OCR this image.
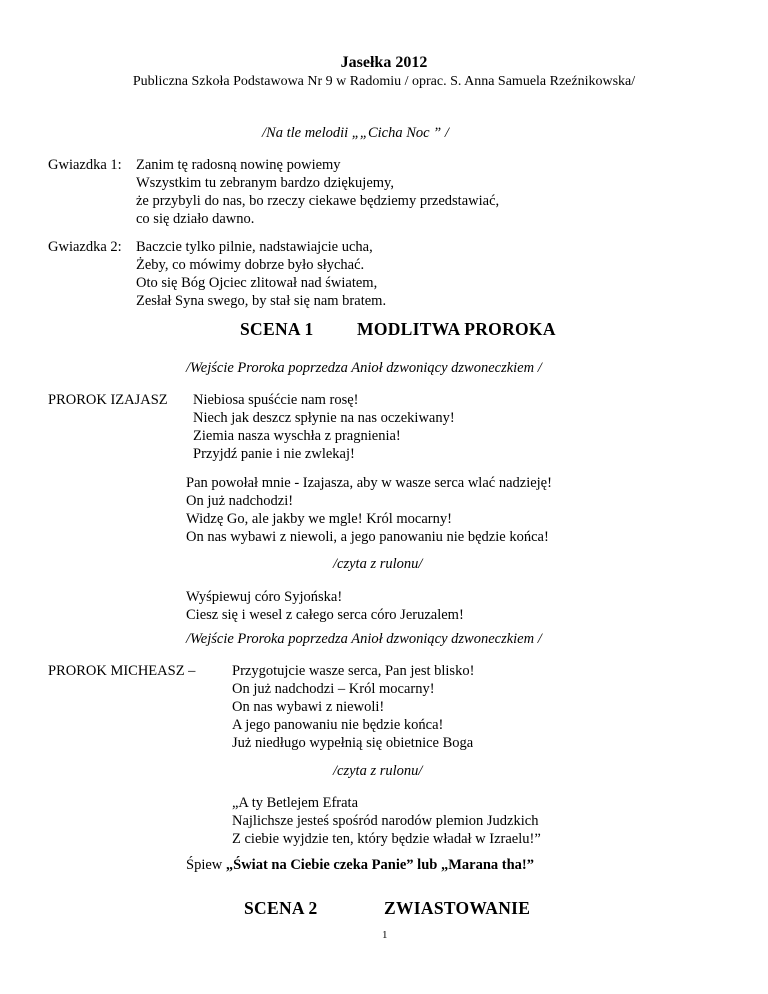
Jasełka 2012
Publiczna Szkoła Podstawowa Nr 9 w Radomiu / oprac. S. Anna Samuela Rzeźnikowska/
/Na tle melodii „„Cicha Noc ” /
Gwiazdka 1: Zanim tę radosną nowinę powiemy
Wszystkim tu zebranym bardzo dziękujemy,
że przybyli do nas, bo rzeczy ciekawe będziemy przedstawiać,
co się działo dawno.
Gwiazdka 2: Baczcie tylko pilnie, nadstawiajcie ucha,
Żeby, co mówimy dobrze było słychać.
Oto się Bóg Ojciec zlitował nad światem,
Zesłał Syna swego, by stał się nam bratem.
SCENA 1 MODLITWA PROROKA
/Wejście Proroka poprzedza Anioł dzwoniący dzwoneczkiem /
PROROK IZAJASZ Niebiosa spuśćcie nam rosę!
Niech jak deszcz spłynie na nas oczekiwany!
Ziemia nasza wyschła z pragnienia!
Przyjdź panie i nie zwlekaj!
Pan powołał mnie - Izajasza, aby w wasze serca wlać nadzieję!
On już nadchodzi!
Widzę Go, ale jakby we mgle! Król mocarny!
On nas wybawi z niewoli, a jego panowaniu nie będzie końca!
/czyta z rulonu/
Wyśpiewuj córo Syjońska!
Ciesz się i wesel z całego serca córo Jeruzalem!
/Wejście Proroka poprzedza Anioł dzwoniący dzwoneczkiem /
PROROK MICHEASZ –	Przygotujcie wasze serca, Pan jest blisko!
On już nadchodzi – Król mocarny!
On nas wybawi z niewoli!
A jego panowaniu nie będzie końca!
Już niedługo wypełnią się obietnice Boga
/czyta z rulonu/
„A ty Betlejem Efrata
Najlichsze jesteś spośród narodów plemion Judzkich
Z ciebie wyjdzie ten, który będzie władał w Izraelu!”
Śpiew „Świat na Ciebie czeka Panie” lub „Marana tha!”
SCENA 2	ZWIASTOWANIE
1
